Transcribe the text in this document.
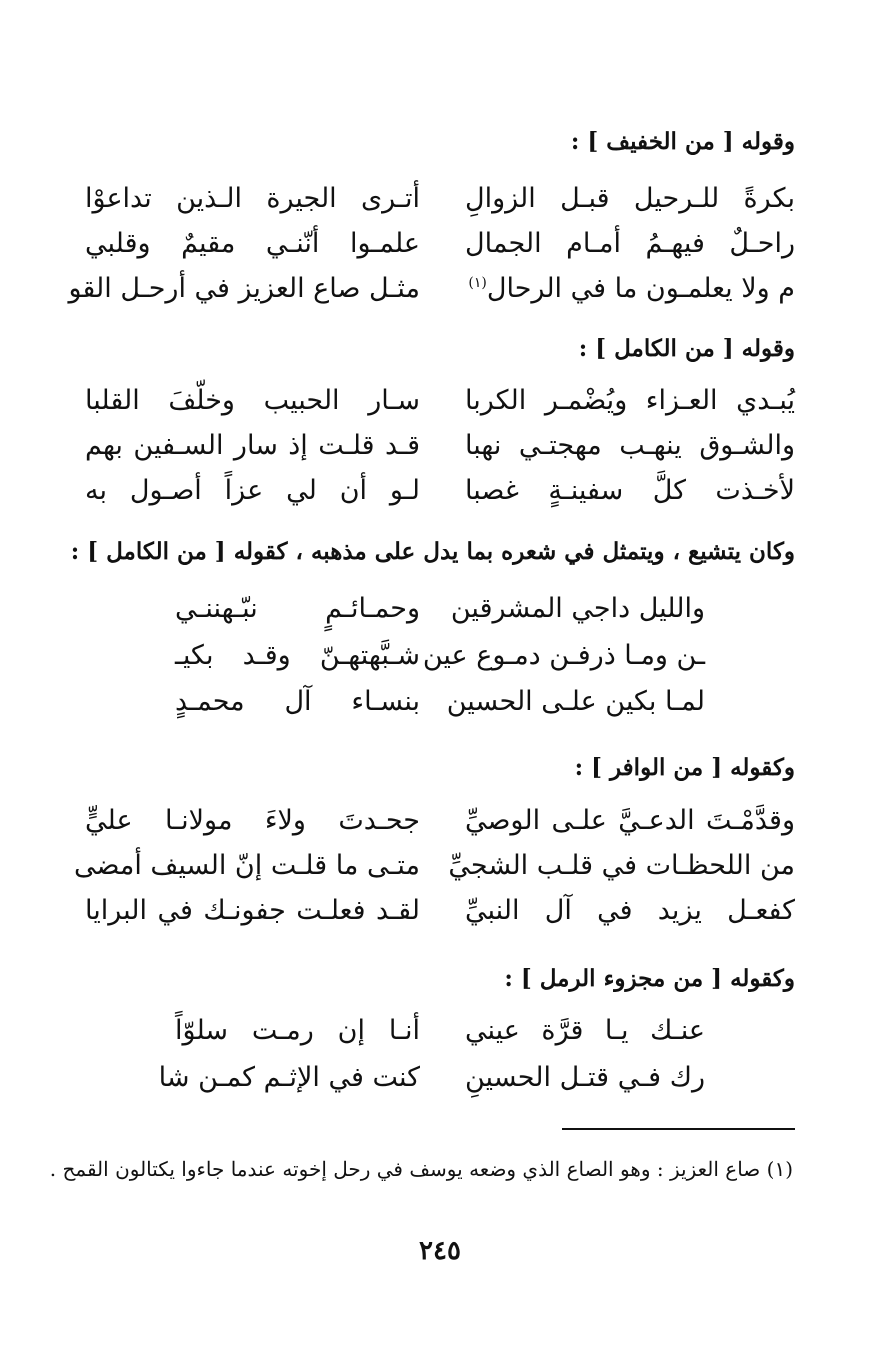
وقوله [ من الخفيف ] :
أتـرى الجيرة الـذين تداعوْا بكرةً للـرحيل قبـل الزوالِ
علمـوا أنّنـي مقيمٌ وقلبي راحـلٌ فيهـمُ أمـام الجمال
مثـل صاع العزيز في أرحـل القو	م ولا يعلمـون ما في الرحال$^{(١)}$
وقوله [ من الكامل ] :
سـار الحبيب وخلّفَ القلبا يُبـدي العـزاء ويُضْمـر الكربا
قـد قلـت إذ سار السـفين بهم والشـوق ينهـب مهجتـي نهبا
لـو أن لي عزاً أصـول به لأخـذت كلَّ سفينـةٍ غصبا
وكان يتشيع ، ويتمثل في شعره بما يدل على مذهبه ، كقوله [ من الكامل ] :
وحمـائـمٍ نبّـهننـي والليل داجي المشرقين
شـبَّهتهـنّ وقـد بكيـ ـن ومـا ذرفـن دمـوع عين
بنسـاء آل محمـدٍ لمـا بكين علـى الحسين
وكقوله [ من الوافر ] :
جحـدتَ ولاءَ مولانـا عليٍّ وقدَّمْـتَ الدعـيَّ علـى الوصيِّ
متـى ما قلـت إنّ السيف أمضى من اللحظـات في قلـب الشجيِّ
لقـد فعلـت جفونـك في البرايا كفعـل يزيد في آل النبيِّ
وكقوله [ من مجزوء الرمل ] :
أنـا إن رمـت سلوّاً عنـك يـا قرَّة عيني
كنت في الإثـم كمـن شا رك فـي قتـل الحسينِ
(١) صاع العزيز : وهو الصاع الذي وضعه يوسف في رحل إخوته عندما جاءوا يكتالون القمح .
٢٤٥
